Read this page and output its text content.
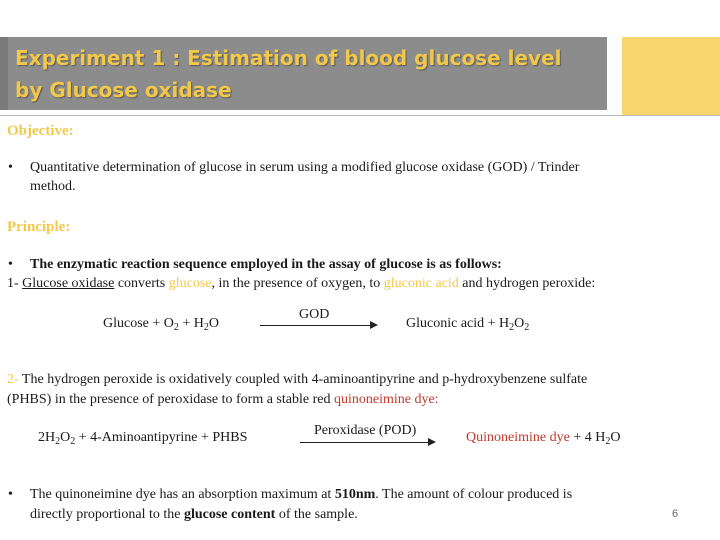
Experiment 1 : Estimation of blood glucose level
by Glucose oxidase
Objective:
• Quantitative determination of glucose in serum using a modified glucose oxidase (GOD) / Trinder
method.
Principle:
• The enzymatic reaction sequence employed in the assay of glucose is as follows:
1- Glucose oxidase converts glucose, in the presence of oxygen, to gluconic acid and hydrogen peroxide:
$Glucose + O_2 + H_2O$
GOD
Gluconic acid + $H_2O_2$
2- The hydrogen peroxide is oxidatively coupled with 4-aminoantipyrine and p-hydroxybenzene sulfate
(PHBS) in the presence of peroxidase to form a stable red quinoneimine dye:
$2H_2O_2$ + 4-Aminoantipyrine + PHBS	Peroxidase (POD)	Quinoneimine dye + 4 $H_2O$
• The quinoneimine dye has an absorption maximum at 510nm. The amount of colour produced is
directly proportional to the glucose content of the sample.	6
